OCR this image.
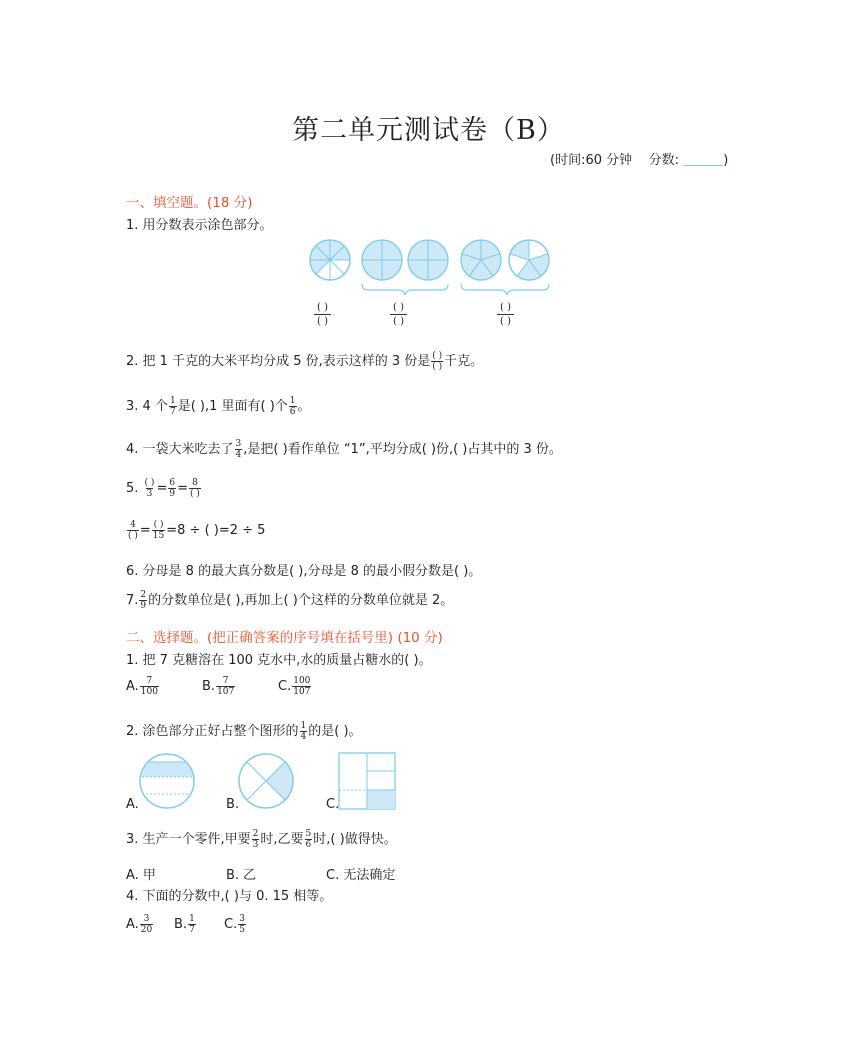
第二单元测试卷（B）
(时间:60 分钟 分数:	)
一、填空题。(18 分)
1. 用分数表示涂色部分。
( )
( )
( )
( )
( )
( )
2. 把 1 千克的大米平均分成 5 份,表示这样的 3 份是 $\frac{( )}{( )}$ 千克。
3. 4 个 $\frac{1}{7}$ 是( ),1 里面有( )个 $\frac{1}{6}$ 。
4. 一袋大米吃去了 $\frac{3}{4}$ ,是把( )看作单位 “1”,平均分成( )份,( )占其中的 3 份。
5. $\frac{( )}{3} = \frac{6}{9} = \frac{8}{( )}$
$\frac{4}{( )} = \frac{( )}{15} =8$ ÷ ( )=2 ÷ 5
6. 分母是 8 的最大真分数是( ),分母是 8 的最小假分数是( )。
7. $\frac{2}{9}$ 的分数单位是( ),再加上( )个这样的分数单位就是 2。
二、选择题。(把正确答案的序号填在括号里) (10 分)
1. 把 7 克糖溶在 100 克水中,水的质量占糖水的( )。
A. $\frac{7}{100}$	B. $\frac{7}{107}$	C. $\frac{100}{107}$
2. 涂色部分正好占整个图形的 $\frac{1}{4}$ 的是( )。
A.	B.	C.
3. 生产一个零件,甲要 $\frac{2}{3}$ 时,乙要 $\frac{5}{6}$ 时,( )做得快。
A. 甲	B. 乙	C. 无法确定
4. 下面的分数中,( )与 0. 15 相等。
A. $\frac{3}{20} B$. $\frac{1}{7} C$. $\frac{3}{5}$
